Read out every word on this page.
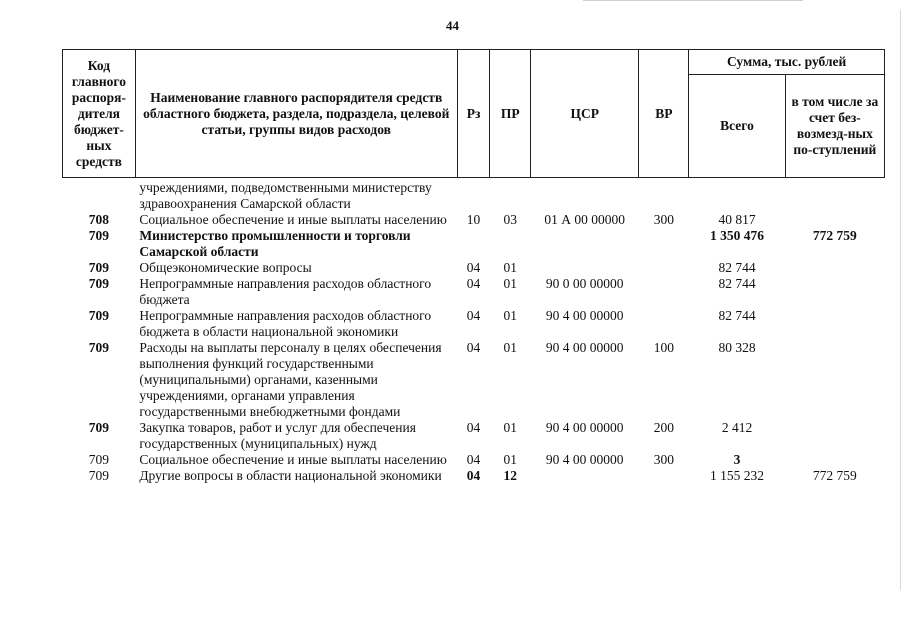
44
Код главного распоря-дителя бюджет-ных средств	Наименование главного распорядителя средств областного бюджета, раздела, подраздела, целевой статьи, группы видов расходов	Рз	ПР	ЦСР	ВР	Сумма, тыс. рублей	
						Всего	в том числе за счет без-возмезд-ных по-ступлений
	учреждениями, подведомственными министерству здравоохранения Самарской области						
708	Социальное обеспечение и иные выплаты населению	10	03	01 А 00 00000	300	40 817	
709	Министерство промышленности и торговли Самарской области					1 350 476	772 759
709	Общеэкономические вопросы	04	01			82 744	
709	Непрограммные направления расходов областного бюджета	04	01	90 0 00 00000		82 744	
709	Непрограммные направления расходов областного бюджета в области национальной экономики	04	01	90 4 00 00000		82 744	
709	Расходы на выплаты персоналу в целях обеспечения выполнения функций государственными (муниципальными) органами, казенными учреждениями, органами управления государственными внебюджетными фондами	04	01	90 4 00 00000	100	80 328	
709	Закупка товаров, работ и услуг для обеспечения государственных (муниципальных) нужд	04	01	90 4 00 00000	200	2 412	
709	Социальное обеспечение и иные выплаты населению	04	01	90 4 00 00000	300	3	
709	Другие вопросы в области национальной экономики	04	12			1 155 232	772 759
